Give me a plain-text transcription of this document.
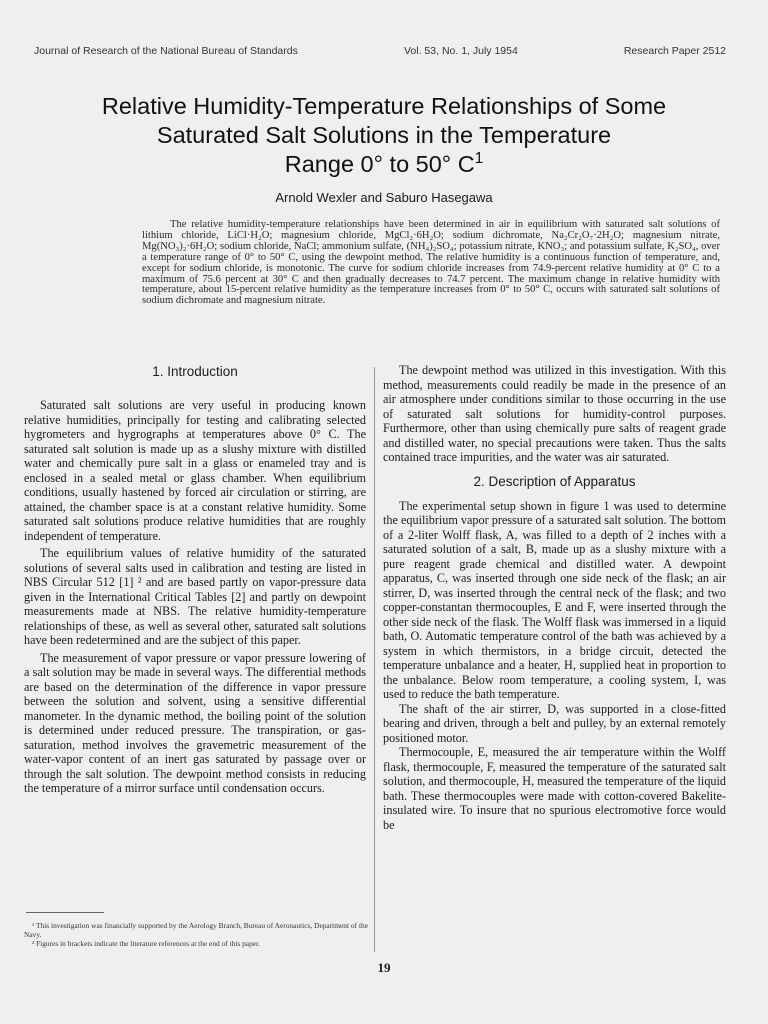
Journal of Research of the National Bureau of Standards	Vol. 53, No. 1, July 1954	Research Paper 2512
Relative Humidity-Temperature Relationships of Some
Saturated Salt Solutions in the Temperature
Range 0° to 50° $C^1$
Arnold Wexler and Saburo Hasegawa

The relative humidity-temperature relationships have been determined in air in equilibrium with saturated salt solutions of lithium chloride, LiCl·H₂O; magnesium chloride, MgCl₂·6H₂O; sodium dichromate, Na₂Cr₂O₇·2H₂O; magnesium nitrate, Mg(NO₃)₂·6H₂O; sodium chloride, NaCl; ammonium sulfate, (NH₄)₂SO₄; potassium nitrate, KNO₃; and potassium sulfate, K₂SO₄, over a temperature range of 0° to 50° C, using the dewpoint method. The relative humidity is a continuous function of temperature, and, except for sodium chloride, is monotonic. The curve for sodium chloride increases from 74.9-percent relative humidity at 0° C to a maximum of 75.6 percent at 30° C and then gradually decreases to 74.7 percent. The maximum change in relative humidity with temperature, about 15-percent relative humidity as the temperature increases from 0° to 50° C, occurs with saturated salt solutions of sodium dichromate and magnesium nitrate.

1. Introduction

Saturated salt solutions are very useful in producing known relative humidities, principally for testing and calibrating selected hygrometers and hygrographs at temperatures above 0° C. The saturated salt solution is made up as a slushy mixture with distilled water and chemically pure salt in a glass or enameled tray and is enclosed in a sealed metal or glass chamber. When equilibrium conditions, usually hastened by forced air circulation or stirring, are attained, the chamber space is at a constant relative humidity. Some saturated salt solutions produce relative humidities that are roughly independent of temperature.

The equilibrium values of relative humidity of the saturated solutions of several salts used in calibration and testing are listed in NBS Circular 512 [1] ² and are based partly on vapor-pressure data given in the International Critical Tables [2] and partly on dewpoint measurements made at NBS. The relative humidity-temperature relationships of these, as well as several other, saturated salt solutions have been redetermined and are the subject of this paper.

The measurement of vapor pressure or vapor pressure lowering of a salt solution may be made in several ways. The differential methods are based on the determination of the difference in vapor pressure between the solution and solvent, using a sensitive differential manometer. In the dynamic method, the boiling point of the solution is determined under reduced pressure. The transpiration, or gas-saturation, method involves the gravemetric measurement of the water-vapor content of an inert gas saturated by passage over or through the salt solution. The dewpoint method consists in reducing the temperature of a mirror surface until condensation occurs.

The dewpoint method was utilized in this investigation. With this method, measurements could readily be made in the presence of an air atmosphere under conditions similar to those occurring in the use of saturated salt solutions for humidity-control purposes. Furthermore, other than using chemically pure salts of reagent grade and distilled water, no special precautions were taken. Thus the salts contained trace impurities, and the water was air saturated.

2. Description of Apparatus

The experimental setup shown in figure 1 was used to determine the equilibrium vapor pressure of a saturated salt solution. The bottom of a 2-liter Wolff flask, A, was filled to a depth of 2 inches with a saturated solution of a salt, B, made up as a slushy mixture with a pure reagent grade chemical and distilled water. A dewpoint apparatus, C, was inserted through one side neck of the flask; an air stirrer, D, was inserted through the central neck of the flask; and two copper-constantan thermocouples, E and F, were inserted through the other side neck of the flask. The Wolff flask was immersed in a liquid bath, O. Automatic temperature control of the bath was achieved by a system in which thermistors, in a bridge circuit, detected the temperature unbalance and a heater, H, supplied heat in proportion to the unbalance. Below room temperature, a cooling system, I, was used to reduce the bath temperature.

The shaft of the air stirrer, D, was supported in a close-fitted bearing and driven, through a belt and pulley, by an external remotely positioned motor.

Thermocouple, E, measured the air temperature within the Wolff flask, thermocouple, F, measured the temperature of the saturated salt solution, and thermocouple, H, measured the temperature of the liquid bath. These thermocouples were made with cotton-covered Bakelite-insulated wire. To insure that no spurious electromotive force would be

¹ This investigation was financially supported by the Aerology Branch, Bureau of Aeronautics, Department of the Navy.

² Figures in brackets indicate the literature references at the end of this paper.

19
